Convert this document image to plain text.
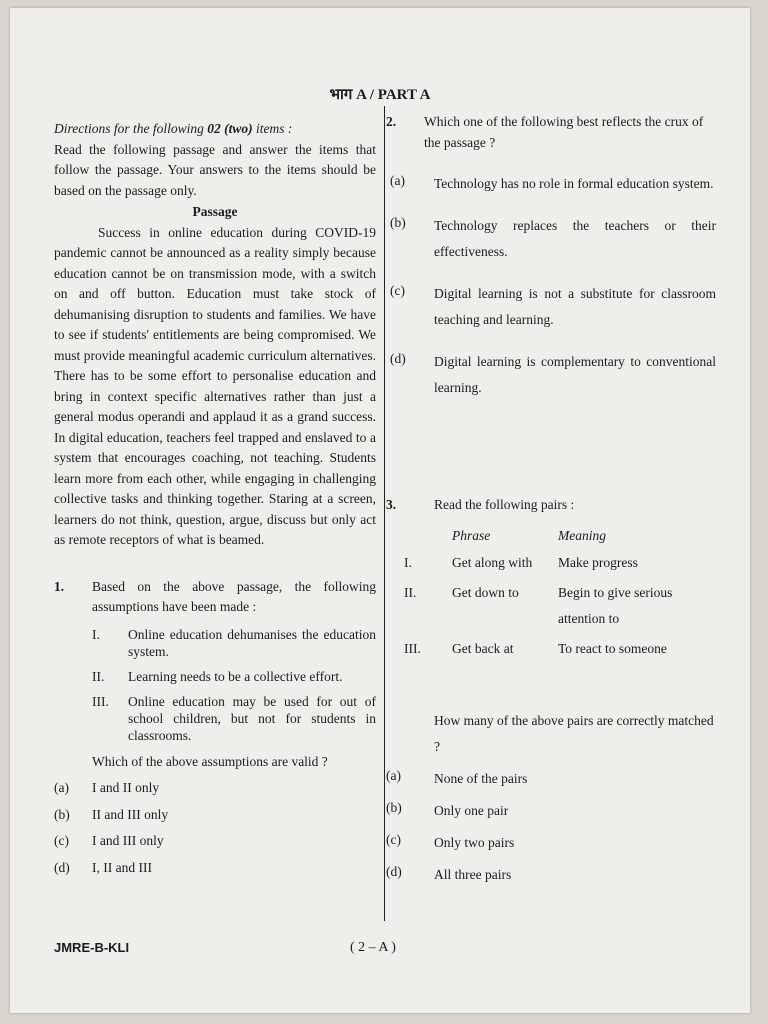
भाग A / PART A
Directions for the following 02 (two) items :
Read the following passage and answer the items that follow the passage. Your answers to the items should be based on the passage only.
Passage
Success in online education during COVID-19 pandemic cannot be announced as a reality simply because education cannot be on transmission mode, with a switch on and off button. Education must take stock of dehumanising disruption to students and families. We have to see if students' entitlements are being compromised. We must provide meaningful academic curriculum alternatives. There has to be some effort to personalise education and bring in context specific alternatives rather than just a general modus operandi and applaud it as a grand success. In digital education, teachers feel trapped and enslaved to a system that encourages coaching, not teaching. Students learn more from each other, while engaging in challenging collective tasks and thinking together. Staring at a screen, learners do not think, question, argue, discuss but only act as remote receptors of what is beamed.
1.	Based on the above passage, the following assumptions have been made :
I.	Online education dehumanises the education system.
II.	Learning needs to be a collective effort.
III.	Online education may be used for out of school children, but not for students in classrooms.
Which of the above assumptions are valid ?
(a)	I and II only
(b)	II and III only
(c)	I and III only
(d)	I, II and III
2.	Which one of the following best reflects the crux of the passage ?
(a)	Technology has no role in formal education system.
(b)	Technology replaces the teachers or their effectiveness.
(c)	Digital learning is not a substitute for classroom teaching and learning.
(d)	Digital learning is complementary to conventional learning.
3.	Read the following pairs :
Phrase	Meaning
I.	Get along with	Make progress
II.	Get down to	Begin to give serious attention to
III.	Get back at	To react to someone
How many of the above pairs are correctly matched ?
(a)	None of the pairs
(b)	Only one pair
(c)	Only two pairs
(d)	All three pairs
JMRE-B-KLI	( 2 – A )
